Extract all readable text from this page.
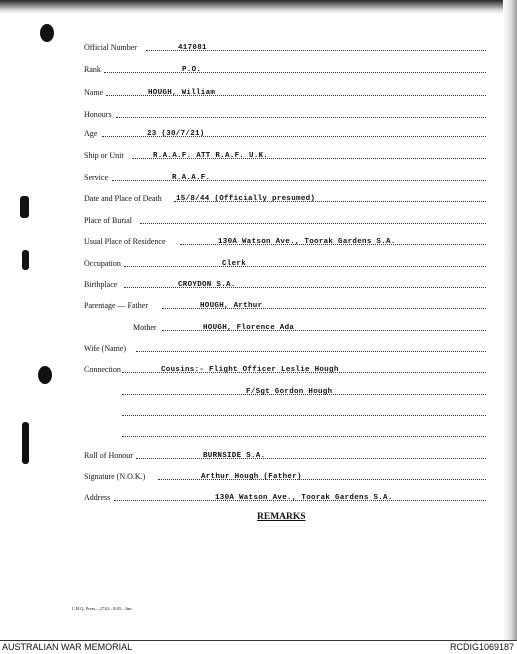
Official Number	417081
Rank	P.O.
Name	HOUGH, William
Honours
Age	23 (30/7/21)
Ship or Unit	R.A.A.F. ATT R.A.F. U.K.
Service	R.A.A.F.
Date and Place of Death 15/8/44 (Officially presumed)
Place of Burial
Usual Place of Residence	130A Watson Ave., Toorak Gardens S.A.
Occupation	Clerk
Birthplace	CROYDON S.A.
Parentage — Father	HOUGH, Arthur
Mother	HOUGH, Florence Ada
Wife (Name)
Connection	Cousins:- Flight Officer Leslie Hough
F/Sgt Gordon Hough
Roll of Honour	BURNSIDE S.A.
Signature (N.O.K.)	Arthur Hough (Father)
Address	130A Watson Ave., Toorak Gardens S.A.
REMARKS
L.H.Q. Press—2720—8/45—6m.
AUSTRALIAN WAR MEMORIAL	RCDIG1069187
